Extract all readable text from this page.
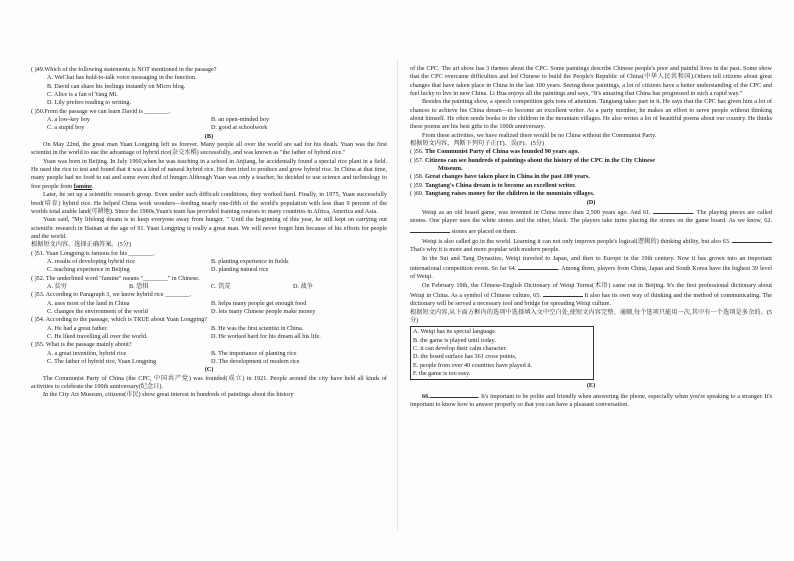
( )49.Which of the following statements is NOT mentioned in the passage?

A. WeChat has hold-to-talk voice messaging in the function.

B. David can share his feelings instantly on Micro blog.

C. Alice is a fan of Yang Mi.

D. Lily prefers reading to writing.

( )50.From the passage we can learn David is ________.

A. a low-key boy	B. an open-minded boy
C. a stupid boy	D. good at schoolwork

(B)

On May 22nd, the great man Yuan Longping left us forever. Many people all over the world are sad for his death. Yuan was the first scientist in the world to use the advantage of hybrid rice(杂交水稻) successfully, and was known as "the father of hybrid rice."

Yuan was born in Beijing. In July 1960,when he was teaching in a school in Anjiang, he accidentally found a special rice plant in a field. He used the rice to test and found that it was a kind of natural hybrid rice. He then tried to produce and grow hybrid rice. In China at that time, many people had no food to eat and some even died of hunger.Although Yuan was only a teacher, he decided to use science and technology to free people from famine.

Later, he set up a scientific research group. Even under such difficult conditions, they worked hard. Finally, in 1975, Yuan successfully bred(培育) hybrid rice. He helped China work wonders—feeding nearly one-fifth of the world's population with less than 9 percent of the worlds total arable land(可耕地). Since the 1980s,Yuan's team has provided training courses to many countries in Africa, America and Asia.

Yuan said, "My lifelong dream is to keep everyone away from hunger. " Until the beginning of this year, he still kept on carrying out scientific research in Hainan at the age of 91. Yuan Longping is really a great man. We will never forget him because of his efforts for people and the world.

根据短文内容，选择正确答案。(5分)

( )51. Yuan Longping is famous for his ________.

A. results of developing hybrid rice	B. planting experience in fields
C. teaching experience in Beijing	D. planting natural rice

( )52. The underlined word "famine" means "________" in Chinese.

A. 贫穷	B. 恐惧	C. 饥荒	D. 战争

( )53. According to Paragraph 3, we know hybrid rice ________.

A. uses most of the land in China	B. helps many people get enough food
C. changes the environment of the world	D. lets many Chinese people make money

( )54. According to the passage, which is TRUE about Yuan Longping?

A. He had a great father.	B. He was the first scientist in China.
C. He liked travelling all over the world.	D. He worked hard for his dream all his life.

( )55. What is the passage mainly about?

A. a great invention, hybrid rice	B. The importance of planting rice
C. The father of hybrid rice, Yuan Longping	D. The development of modern rice

(C)

The Communist Party of China (the CPC, 中国共产党) was founded(成立) in 1921. People around the city have held all kinds of activities to celebrate the 100th anniversary(纪念日).

In the City Art Museum, citizens(市民) show great interest in hundreds of paintings about the history

of the CPC. The art show has 3 themes about the CPC. Some paintings describe Chinese people's poor and painful lives in the past. Some show that the CPC overcame difficulties and led Chinese to build the People's Republic of China(中华人民共和国).Others tell citizens about great changes that have taken place in China in the last 100 years. Seeing these paintings, a lot of citizens have a better understanding of the CPC and feel lucky to live in new China. Li Hua enjoys all the paintings and says, "It's amazing that China has progressed in such a rapid way."

Besides the painting show, a speech competition gets tons of attention. Tangtang takes part in it. He says that the CPC has given him a lot of chances to achieve his China dream—to become an excellent writer. As a party member, he makes an effort to serve people without thinking about himself. He often sends books to the children in the mountain villages. He also writes a lot of beautiful poems about our country. He thinks these poems are his best gifts to the 100th anniversary.

From these activities, we have realized there would be no China without the Communist Party.

根据短文内容，判断下列句子正(T)、误(F)。(5分)

( )56. The Communist Party of China was founded 90 years ago.

( )57. Citizens can see hundreds of paintings about the history of the CPC in the City Chinese

Museum.

( )58. Great changes have taken place in China in the past 100 years.

( )59. Tangtang's China dream is to become an excellent writer.

( )60. Tangtang raises money for the children in the mountain villages.

(D)

Weiqi as an old board game, was invented in China more than 2,500 years ago. And 61.	. The playing pieces are called stones. One player uses the white stones and the other, black. The players take turns placing the stones on the game board. As we know, 62.  stones are placed on them.

Weiqi is also called go in the world. Learning it can not only improve people's logical(逻辑的) thinking ability, but also 63.  That's why it is more and more popular with modern people.

In the Sui and Tang Dynasties, Weiqi traveled to Japan, and then to Europe in the 19th century. Now it has grown into an important international competition event. So far 64.	. Among them, players from China, Japan and South Korea have the highest 39 level of Weiqi.

On February 19th, the Chinese-English Dictionary of Weiqi Terms(术语) came out in Beijing. It's the first professional dictionary about Weiqi in China. As a symbol of Chinese culture, 65.	It also has its own way of thinking and the method of communicating. The dictionary will be served a necessary tool and bridge for spreading Weiqi culture.

根据短文内容,从下面方框内的选项中选择填入文中空白处,使短文内容完整、通顺,每个选项只能用一次,其中有一个选项是多余的。(5分)

A. Weiqi has its special language.

B. the game is played until today.

C. it can develop their calm character.

D. the board surface has 361 cross points,

E. people from over 40 countries have played it.

F. the game is too easy.

(E)

66.	. It's important to be polite and friendly when answering the phone, especially when you're speaking to a stranger. It's important to know how to answer properly so that you can have a pleasant conversation.
